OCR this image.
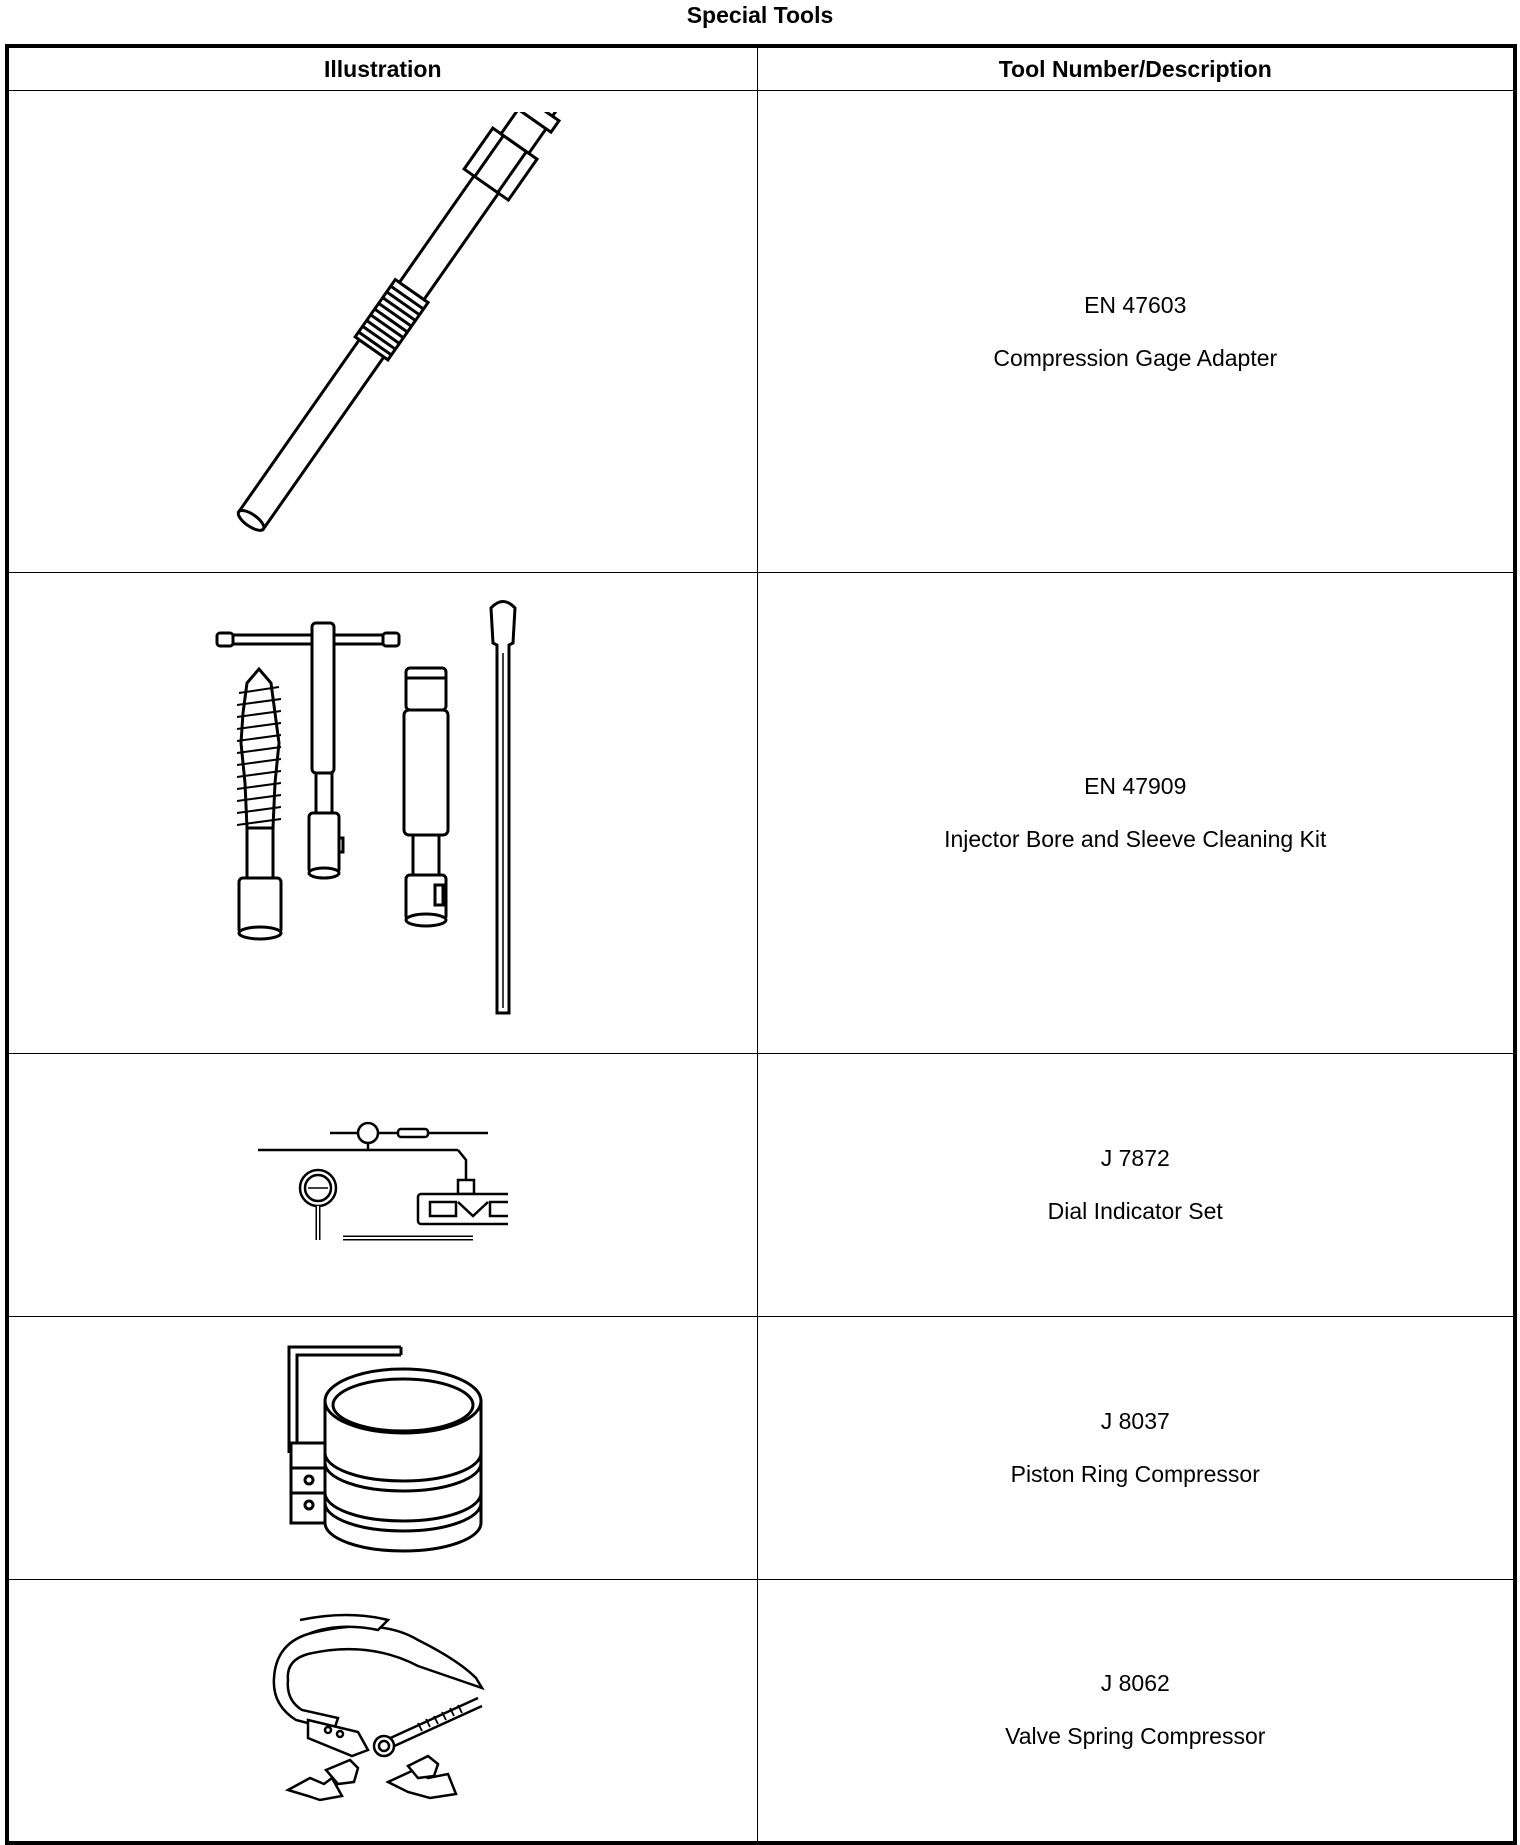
Special Tools
Illustration	Tool Number/Description

EN 47603
Compression Gage Adapter

EN 47909
Injector Bore and Sleeve Cleaning Kit

J 7872
Dial Indicator Set

J 8037
Piston Ring Compressor

J 8062
Valve Spring Compressor
